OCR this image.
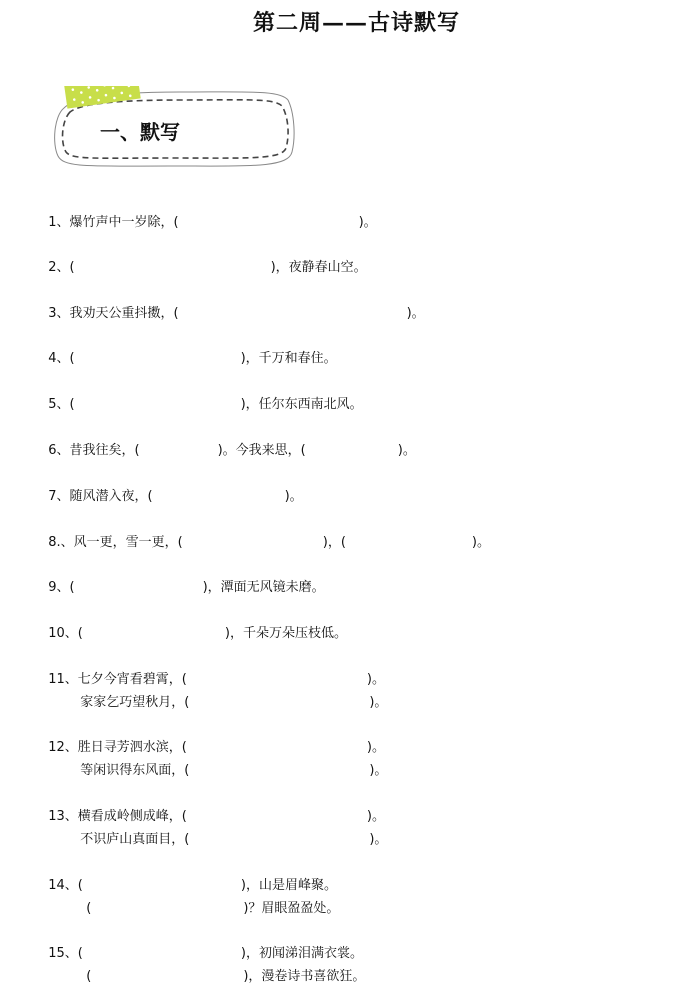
第二周——古诗默写
一、默写

1、爆竹声中一岁除，(	)。

2、(	)，夜静春山空。

3、我劝天公重抖擞，(	)。

4、(	)，千万和春住。

5、(	)，任尔东西南北风。

6、昔我往矣，(	)。今我来思，(	)。

7、随风潜入夜，(	)。

8.、风一更，雪一更，(	)，(	)。

9、(	)，潭面无风镜未磨。

10、(	)，千朵万朵压枝低。

11、七夕今宵看碧霄，(	)。

家家乞巧望秋月，(	)。

12、胜日寻芳泗水滨，(	)。

等闲识得东风面，(	)。

13、横看成岭侧成峰，(	)。

不识庐山真面目，(	)。

14、(	)，山是眉峰聚。

(	)？眉眼盈盈处。

15、(	)，初闻涕泪满衣裳。

(	)，漫卷诗书喜欲狂。
